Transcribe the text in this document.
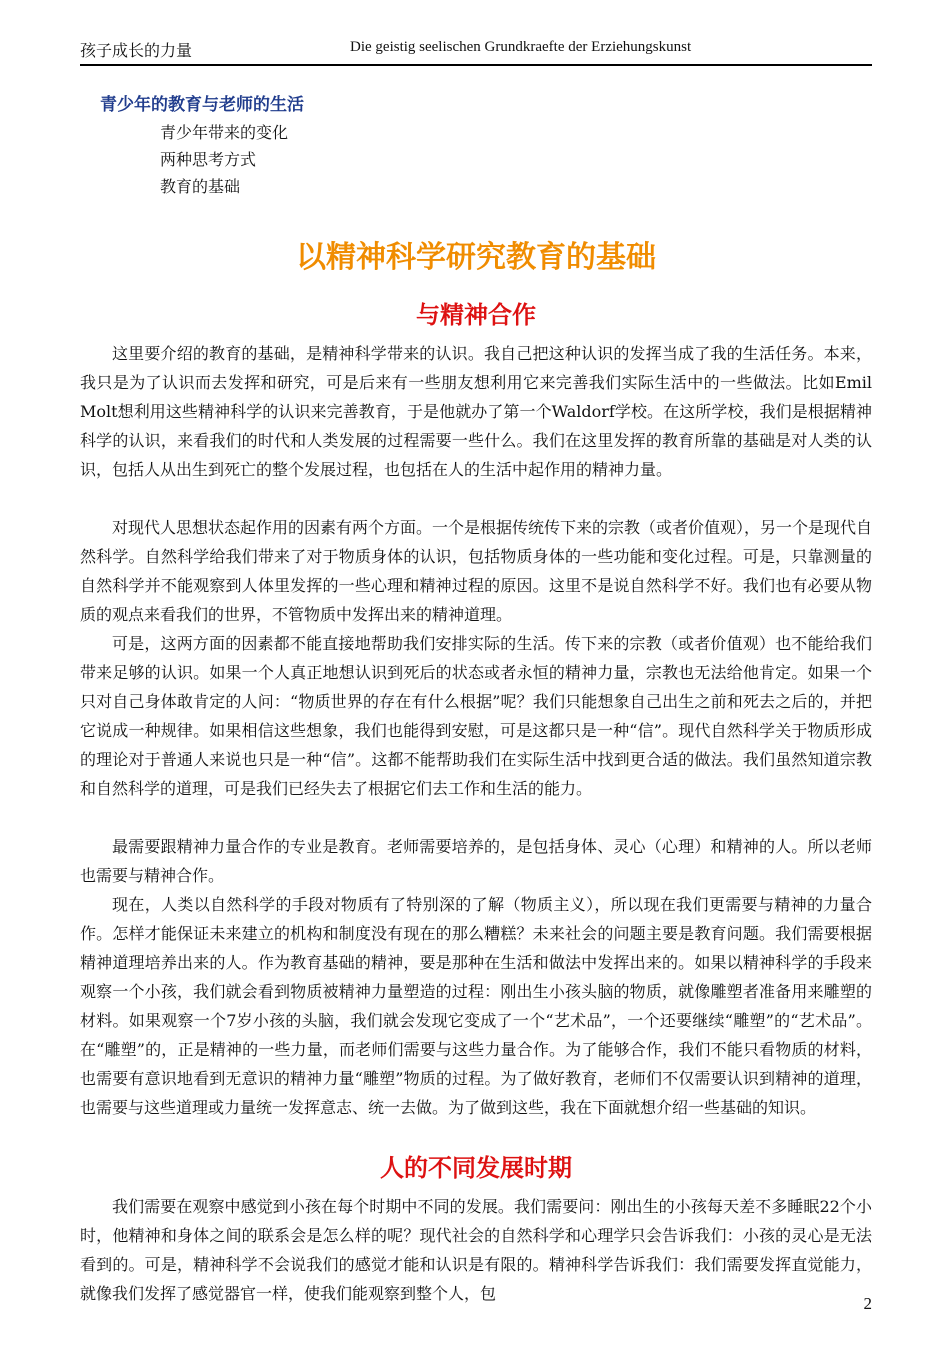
孩子成长的力量	Die geistig seelischen Grundkraefte der Erziehungskunst
青少年的教育与老师的生活
青少年带来的变化
两种思考方式
教育的基础
以精神科学研究教育的基础
与精神合作
这里要介绍的教育的基础，是精神科学带来的认识。我自己把这种认识的发挥当成了我的生活任务。本来，我只是为了认识而去发挥和研究，可是后来有一些朋友想利用它来完善我们实际生活中的一些做法。比如Emil Molt想利用这些精神科学的认识来完善教育，于是他就办了第一个Waldorf学校。在这所学校，我们是根据精神科学的认识，来看我们的时代和人类发展的过程需要一些什么。我们在这里发挥的教育所靠的基础是对人类的认识，包括人从出生到死亡的整个发展过程，也包括在人的生活中起作用的精神力量。
对现代人思想状态起作用的因素有两个方面。一个是根据传统传下来的宗教（或者价值观），另一个是现代自然科学。自然科学给我们带来了对于物质身体的认识，包括物质身体的一些功能和变化过程。可是，只靠测量的自然科学并不能观察到人体里发挥的一些心理和精神过程的原因。这里不是说自然科学不好。我们也有必要从物质的观点来看我们的世界，不管物质中发挥出来的精神道理。
可是，这两方面的因素都不能直接地帮助我们安排实际的生活。传下来的宗教（或者价值观）也不能给我们带来足够的认识。如果一个人真正地想认识到死后的状态或者永恒的精神力量，宗教也无法给他肯定。如果一个只对自己身体敢肯定的人问：“物质世界的存在有什么根据”呢？我们只能想象自己出生之前和死去之后的，并把它说成一种规律。如果相信这些想象，我们也能得到安慰，可是这都只是一种“信”。现代自然科学关于物质形成的理论对于普通人来说也只是一种“信”。这都不能帮助我们在实际生活中找到更合适的做法。我们虽然知道宗教和自然科学的道理，可是我们已经失去了根据它们去工作和生活的能力。
最需要跟精神力量合作的专业是教育。老师需要培养的，是包括身体、灵心（心理）和精神的人。所以老师也需要与精神合作。
现在，人类以自然科学的手段对物质有了特别深的了解（物质主义），所以现在我们更需要与精神的力量合作。怎样才能保证未来建立的机构和制度没有现在的那么糟糕？未来社会的问题主要是教育问题。我们需要根据精神道理培养出来的人。作为教育基础的精神，要是那种在生活和做法中发挥出来的。如果以精神科学的手段来观察一个小孩，我们就会看到物质被精神力量塑造的过程：刚出生小孩头脑的物质，就像雕塑者准备用来雕塑的材料。如果观察一个7岁小孩的头脑，我们就会发现它变成了一个“艺术品”，一个还要继续“雕塑”的“艺术品”。在“雕塑”的，正是精神的一些力量，而老师们需要与这些力量合作。为了能够合作，我们不能只看物质的材料，也需要有意识地看到无意识的精神力量“雕塑”物质的过程。为了做好教育，老师们不仅需要认识到精神的道理，也需要与这些道理或力量统一发挥意志、统一去做。为了做到这些，我在下面就想介绍一些基础的知识。
人的不同发展时期
我们需要在观察中感觉到小孩在每个时期中不同的发展。我们需要问：刚出生的小孩每天差不多睡眠22个小时，他精神和身体之间的联系会是怎么样的呢？现代社会的自然科学和心理学只会告诉我们：小孩的灵心是无法看到的。可是，精神科学不会说我们的感觉才能和认识是有限的。精神科学告诉我们：我们需要发挥直觉能力，就像我们发挥了感觉器官一样，使我们能观察到整个人，包
2
